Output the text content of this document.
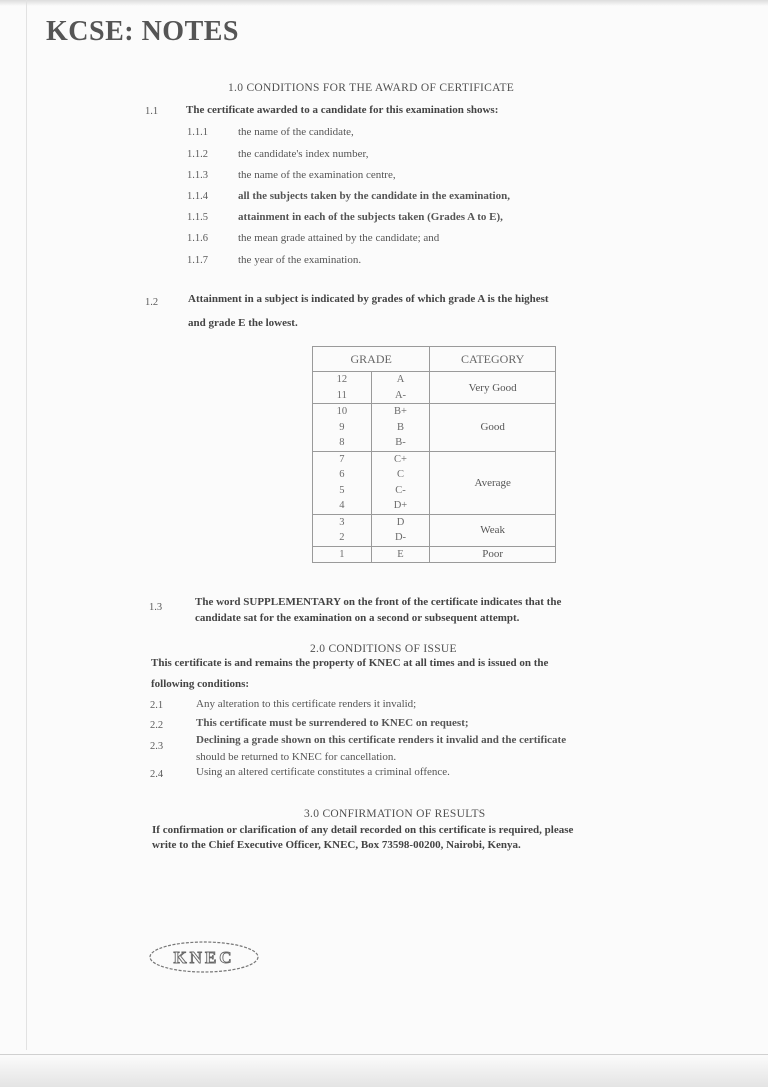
KCSE: NOTES
1.0 CONDITIONS FOR THE AWARD OF CERTIFICATE
1.1	The certificate awarded to a candidate for this examination shows:
1.1.1	the name of the candidate,
1.1.2	the candidate's index number,
1.1.3	the name of the examination centre,
1.1.4	all the subjects taken by the candidate in the examination,
1.1.5	attainment in each of the subjects taken (Grades A to E),
1.1.6	the mean grade attained by the candidate; and
1.1.7	the year of the examination.
1.2	Attainment in a subject is indicated by grades of which grade A is the highest
and grade E the lowest.
GRADE		CATEGORY
12	A	Very Good
11	A-	
10	B+	Good
9	B	
8	B-	
7	C+	Average
6	C	
5	C-	
4	D+	
3	D	Weak
2	D-	
1	E	Poor
1.3	The word SUPPLEMENTARY on the front of the certificate indicates that the
candidate sat for the examination on a second or subsequent attempt.
2.0 CONDITIONS OF ISSUE
This certificate is and remains the property of KNEC at all times and is issued on the
following conditions:
2.1	Any alteration to this certificate renders it invalid;
2.2	This certificate must be surrendered to KNEC on request;
2.3
Declining a grade shown on this certificate renders it invalid and the certificate
should be returned to KNEC for cancellation.
2.4	Using an altered certificate constitutes a criminal offence.
3.0 CONFIRMATION OF RESULTS
If confirmation or clarification of any detail recorded on this certificate is required, please
write to the Chief Executive Officer, KNEC, Box 73598-00200, Nairobi, Kenya.
KNEC
